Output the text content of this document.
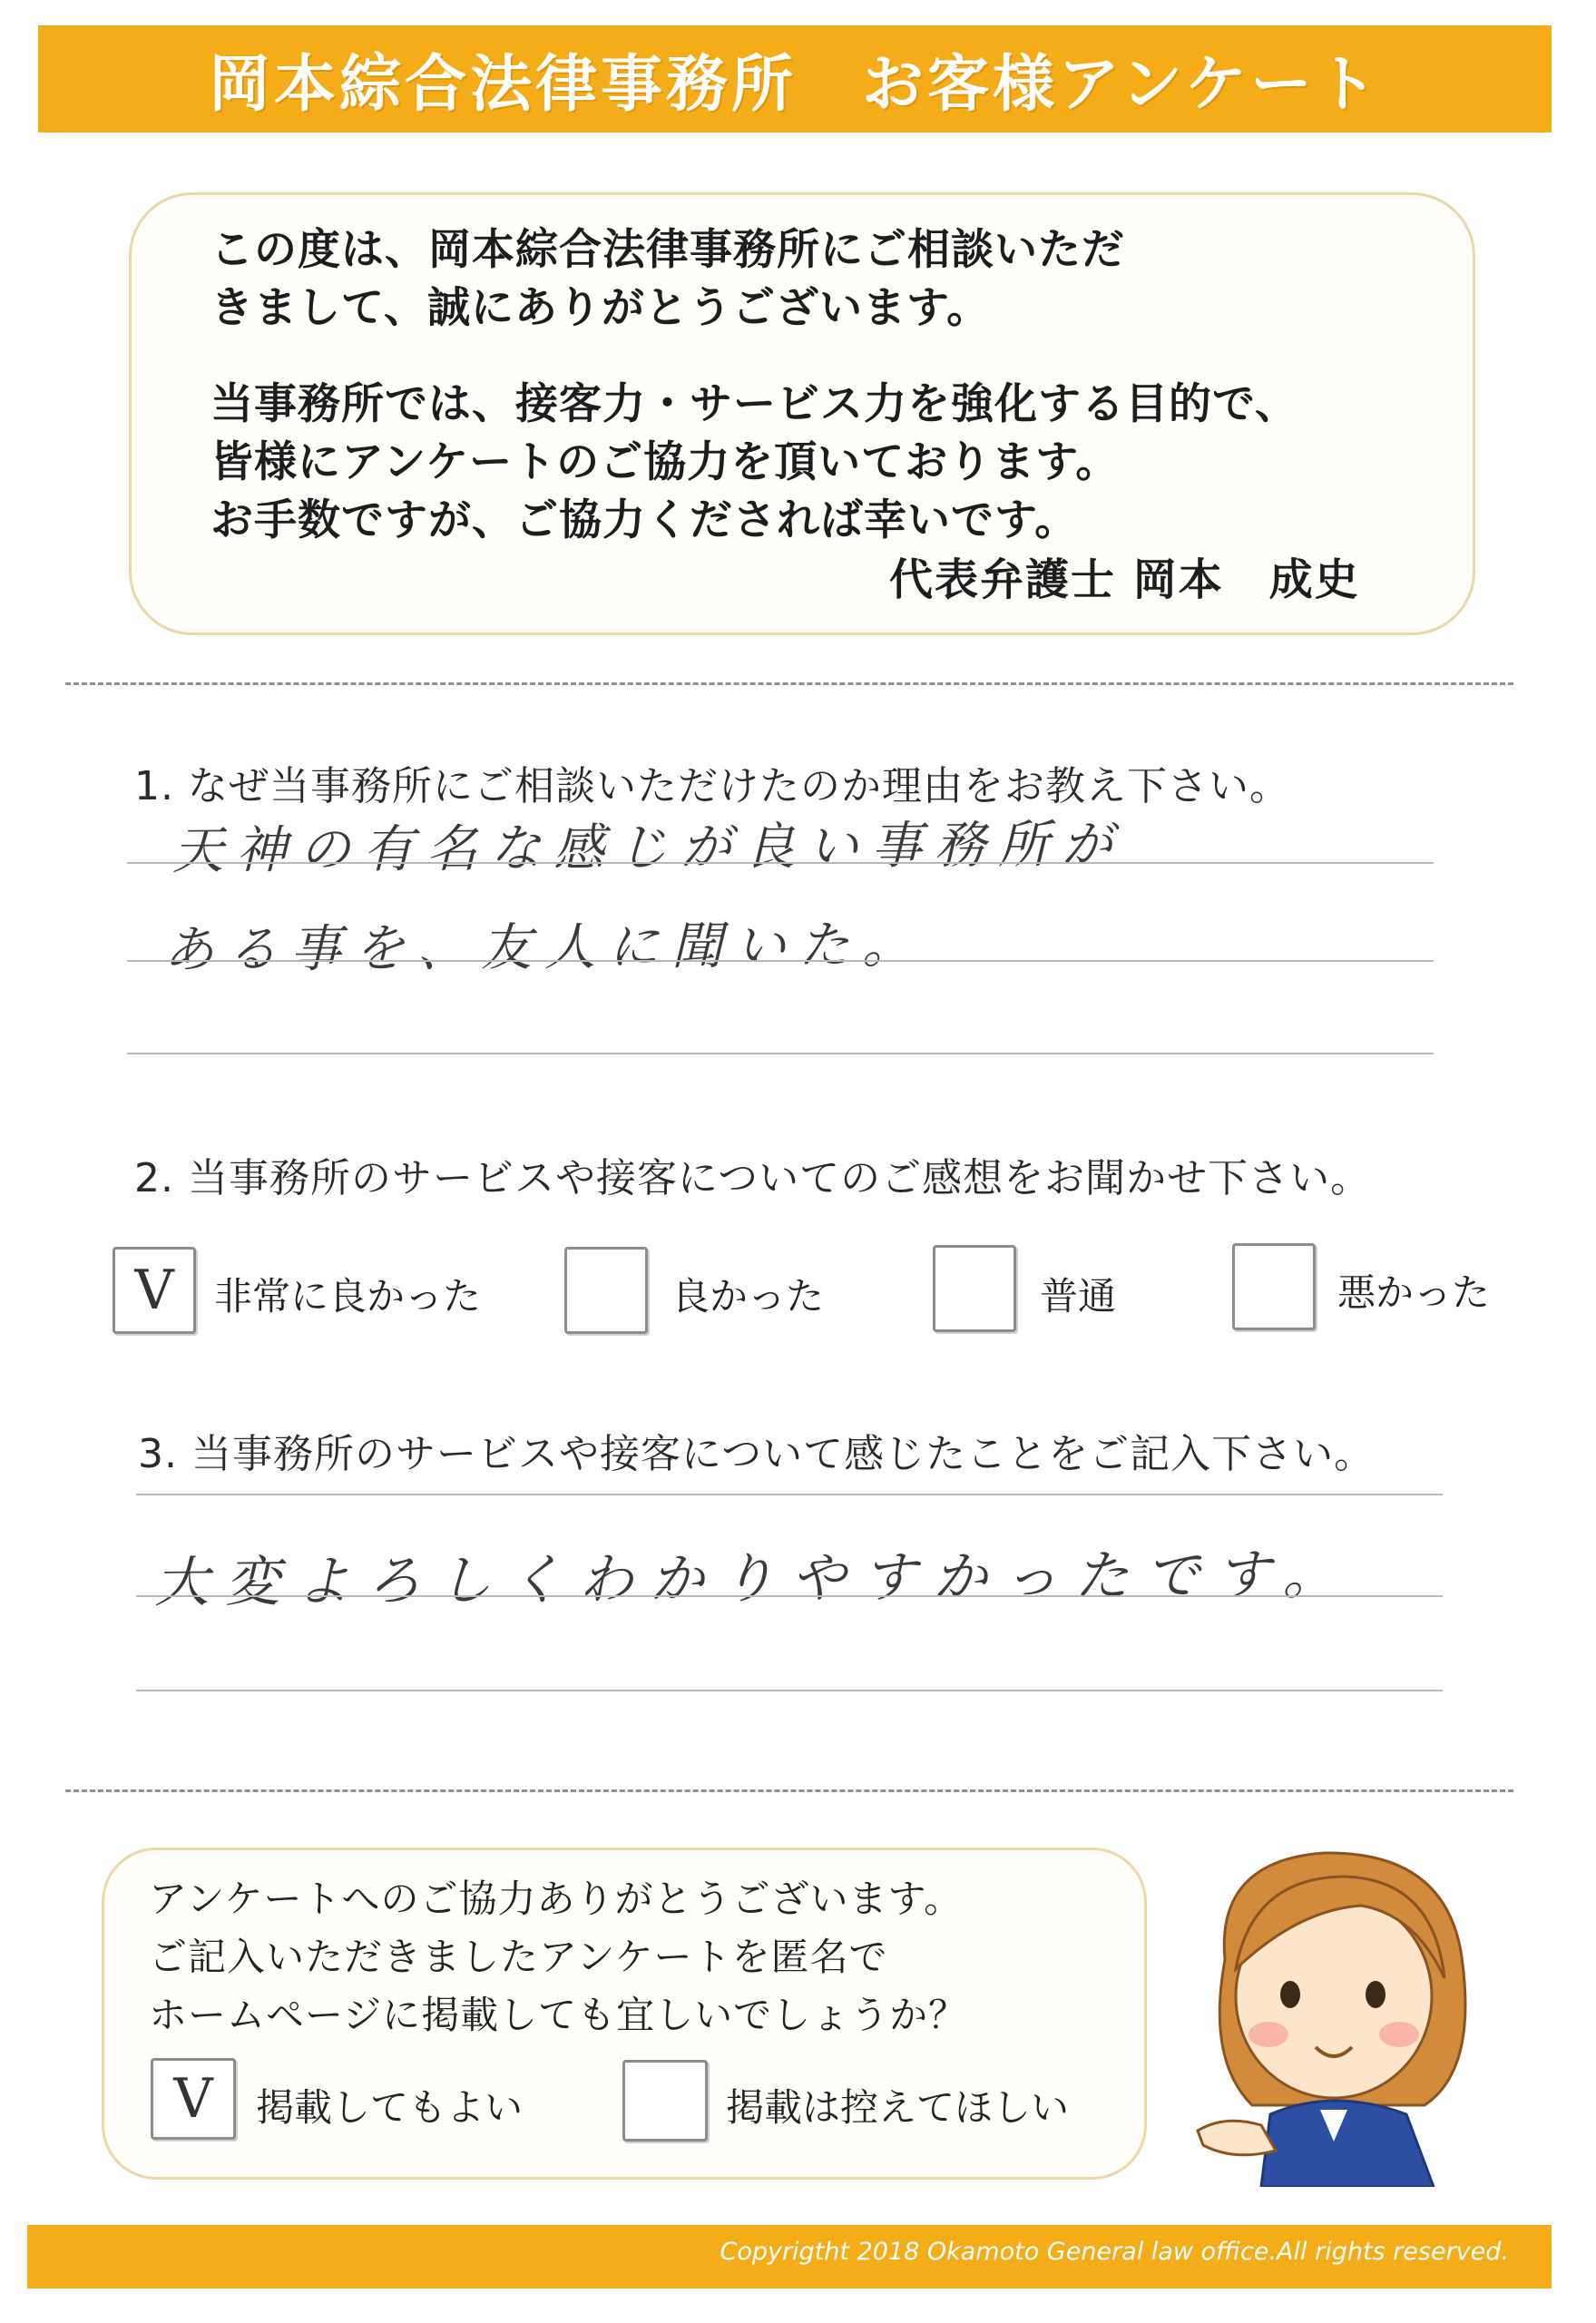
岡本綜合法律事務所　お客様アンケート
この度は、岡本綜合法律事務所にご相談いただ
きまして、誠にありがとうございます。
当事務所では、接客力・サービス力を強化する目的で、
皆様にアンケートのご協力を頂いております。
お手数ですが、ご協力くだされば幸いです。
代表弁護士 岡本　成史
1. なぜ当事務所にご相談いただけたのか理由をお教え下さい。
天神の有名な感じが良い事務所が
ある事を、友人に聞いた。
2. 当事務所のサービスや接客についてのご感想をお聞かせ下さい。
V	非常に良かった	良かった	普通	悪かった
3. 当事務所のサービスや接客について感じたことをご記入下さい。
大変よろしくわかりやすかったです。
アンケートへのご協力ありがとうございます。
ご記入いただきましたアンケートを匿名で
ホームページに掲載しても宜しいでしょうか？
V	掲載してもよい	掲載は控えてほしい
Copyrigtht 2018 Okamoto General law office.All rights reserved.
